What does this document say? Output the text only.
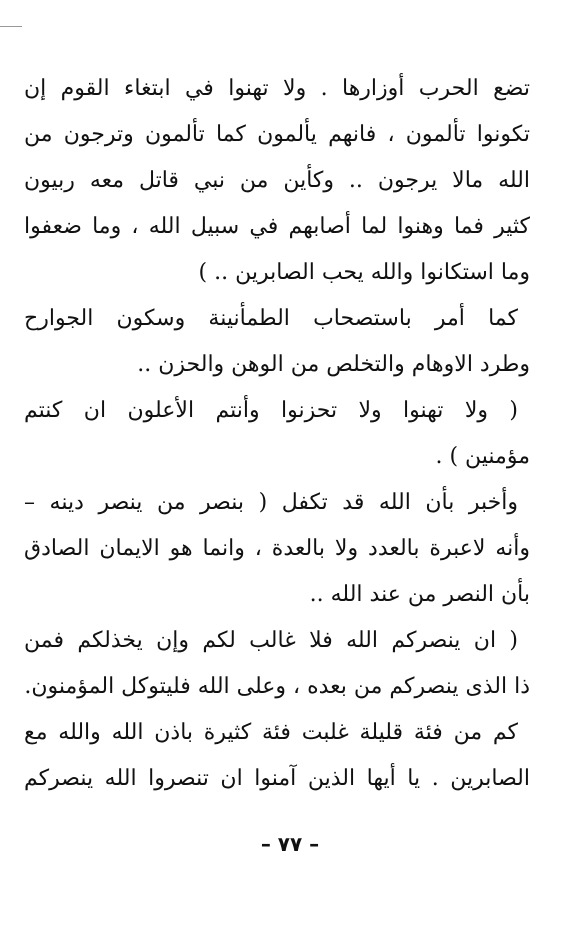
تضع الحرب أوزارها . ولا تهنوا في ابتغاء القوم إن
تكونوا تألمون ، فانهم يألمون كما تألمون وترجون من
الله مالا يرجون .. وكأين من نبي قاتل معه ربيون
كثير فما وهنوا لما أصابهم في سبيل الله ، وما ضعفوا
وما استكانوا والله يحب الصابرين .. )
كما أمر باستصحاب الطمأنينة وسكون الجوارح
وطرد الاوهام والتخلص من الوهن والحزن ..
( ولا تهنوا ولا تحزنوا وأنتم الأعلون ان كنتم
مؤمنين ) .
وأخبر بأن الله قد تكفل ( بنصر من ينصر دينه –
وأنه لاعبرة بالعدد ولا بالعدة ، وانما هو الايمان الصادق
بأن النصر من عند الله ..
( ان ينصركم الله فلا غالب لكم وإن يخذلكم فمن
ذا الذى ينصركم من بعده ، وعلى الله فليتوكل المؤمنون.
كم من فئة قليلة غلبت فئة كثيرة باذن الله والله مع
الصابرين . يا أيها الذين آمنوا ان تنصروا الله ينصركم
– ٧٧ –
